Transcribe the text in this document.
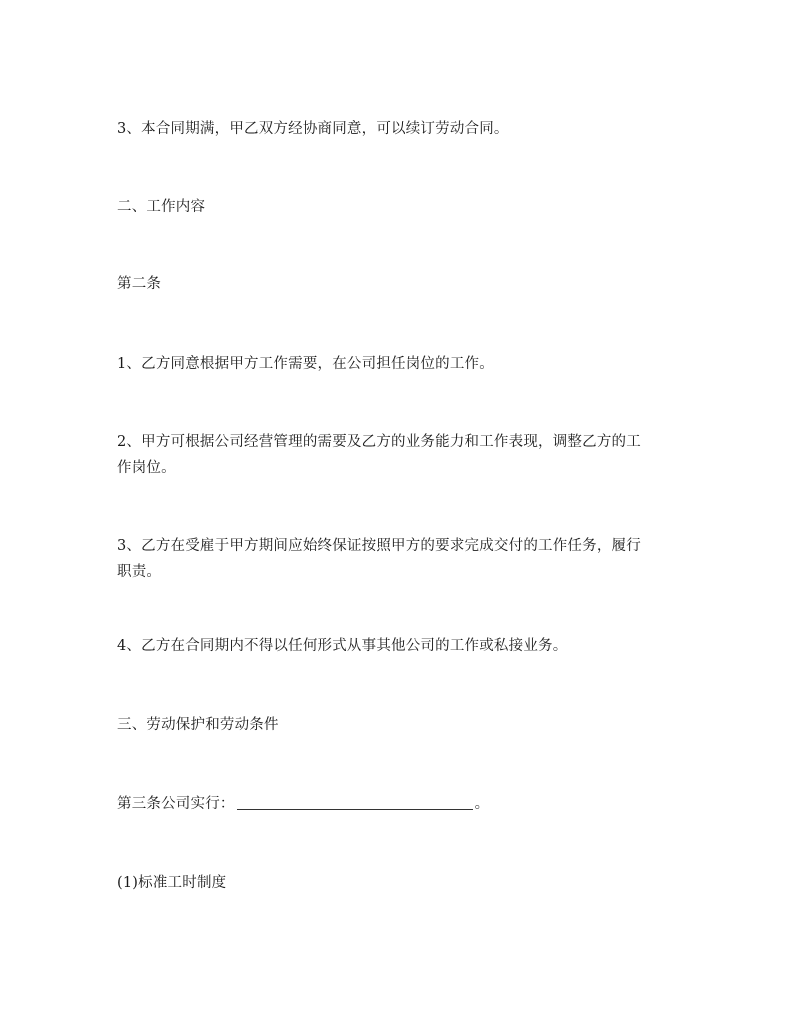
3、本合同期满，甲乙双方经协商同意，可以续订劳动合同。
二、工作内容
第二条
1、乙方同意根据甲方工作需要，在公司担任岗位的工作。
2、甲方可根据公司经营管理的需要及乙方的业务能力和工作表现，调整乙方的工
作岗位。
3、乙方在受雇于甲方期间应始终保证按照甲方的要求完成交付的工作任务，履行
职责。
4、乙方在合同期内不得以任何形式从事其他公司的工作或私接业务。
三、劳动保护和劳动条件
第三条公司实行：	。
(1)标准工时制度
